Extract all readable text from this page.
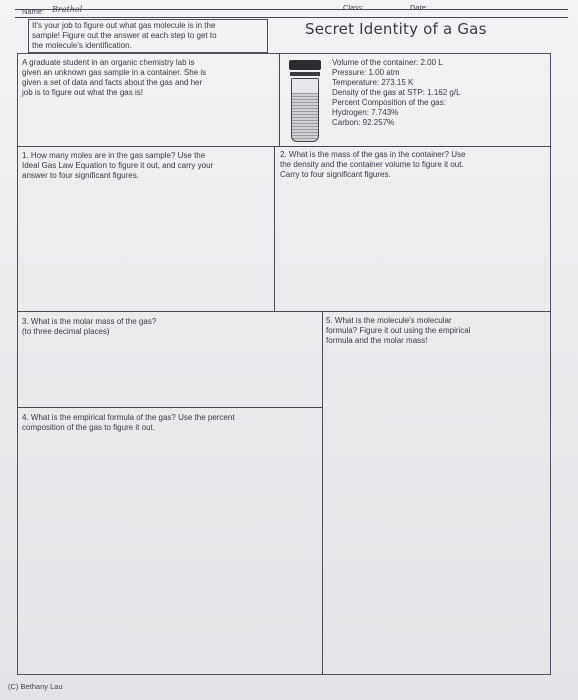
Name: Brathol	Class:	Date:
It's your job to figure out what gas molecule is in the
sample! Figure out the answer at each step to get to
the molecule's identification.
Secret Identity of a Gas
A graduate student in an organic chemistry lab is
given an unknown gas sample in a container. She is
given a set of data and facts about the gas and her
job is to figure out what the gas is!
Volume of the container: 2.00 L
Pressure: 1.00 atm
Temperature: 273.15 K
Density of the gas at STP: 1.162 g/L
Percent Composition of the gas:
Hydrogen: 7.743%
Carbon: 92.257%
1. How many moles are in the gas sample? Use the
Ideal Gas Law Equation to figure it out, and carry your
answer to four significant figures.
2. What is the mass of the gas in the container? Use
the density and the container volume to figure it out.
Carry to four significant figures.
3. What is the molar mass of the gas?
(to three decimal places)
5. What is the molecule's molecular
formula? Figure it out using the empirical
formula and the molar mass!
4. What is the empirical formula of the gas? Use the percent
composition of the gas to figure it out.
(C) Bethany Lau
